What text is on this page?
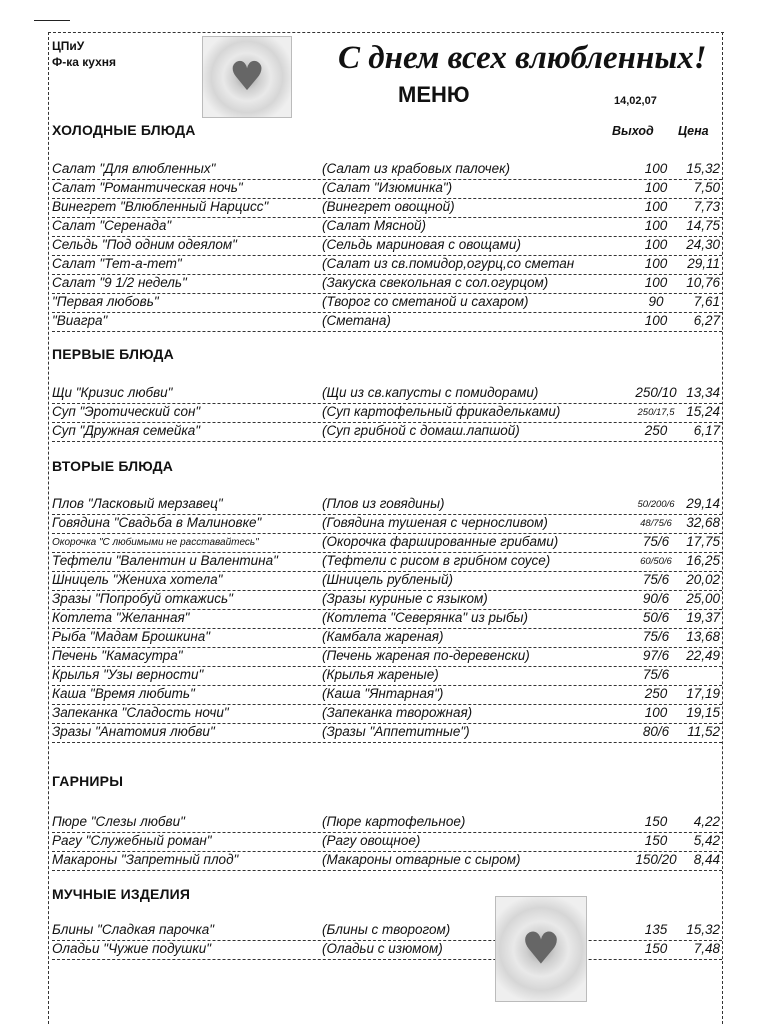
ЦПиУ
Ф-ка кухня	♥ С днем всех влюбленных!
МЕНЮ	14,02,07
Выход Цена
ХОЛОДНЫЕ БЛЮДА
Салат "Для влюбленных"	(Салат из крабовых палочек)	100	15,32
Салат "Романтическая ночь"	(Салат "Изюминка")	100	7,50
Винегрет "Влюбленный Нарцисс"	(Винегрет овощной)	100	7,73
Салат "Серенада"	(Салат Мясной)	100	14,75
Сельдь "Под одним одеялом"	(Сельдь мариновая с овощами)	100	24,30
Салат "Тет-а-тет"	(Салат из св.помидор,огурц,со сметан	100	29,11
Салат "9 1/2 недель"	(Закуска свекольная с сол.огурцом)	100	10,76
"Первая любовь"	(Творог со сметаной и сахаром)	90	7,61
"Виагра"	(Сметана)	100	6,27
ПЕРВЫЕ БЛЮДА
Щи "Кризис любви"	(Щи из св.капусты с помидорами)	250/10 13,34
Суп "Эротический сон"	(Суп картофельный фрикадельками)	250/17,5 15,24
Суп "Дружная семейка"	(Суп грибной с домаш.лапшой)	250	6,17
ВТОРЫЕ БЛЮДА
Плов "Ласковый мерзавец"	(Плов из говядины)	50/200/6 29,14
Говядина "Свадьба в Малиновке"	(Говядина тушеная с черносливом)	48/75/6	32,68
Окорочка "С любимыми не расставайтесь"	(Окорочка фаршированные грибами)	75/6	17,75
Тефтели "Валентин и Валентина"	(Тефтели с рисом в грибном соусе)	60/50/6	16,25
Шницель "Жениха хотела"	(Шницель рубленый)	75/6	20,02
Зразы "Попробуй откажись"	(Зразы куриные с языком)	90/6	25,00
Котлета "Желанная"	(Котлета "Северянка" из рыбы)	50/6	19,37
Рыба "Мадам Брошкина"	(Камбала жареная)	75/6	13,68
Печень "Камасутра"	(Печень жареная по-деревенски)	97/6	22,49
Крылья "Узы верности"	(Крылья жареные)	75/6
Каша "Время любить"	(Каша "Янтарная")	250	17,19
Запеканка "Сладость ночи"	(Запеканка творожная)	100	19,15
Зразы "Анатомия любви"	(Зразы "Аппетитные")	80/6	11,52
ГАРНИРЫ
Пюре "Слезы любви"	(Пюре картофельное)	150	4,22
Рагу "Служебный роман"	(Рагу овощное)	150	5,42
Макароны "Запретный плод"	(Макароны отварные с сыром)	150/20	8,44
МУЧНЫЕ ИЗДЕЛИЯ
Блины "Сладкая парочка"	(Блины с творогом)	135	15,32
Оладьи "Чужие подушки"	(Оладьи с изюмом)	150	7,48
♥
